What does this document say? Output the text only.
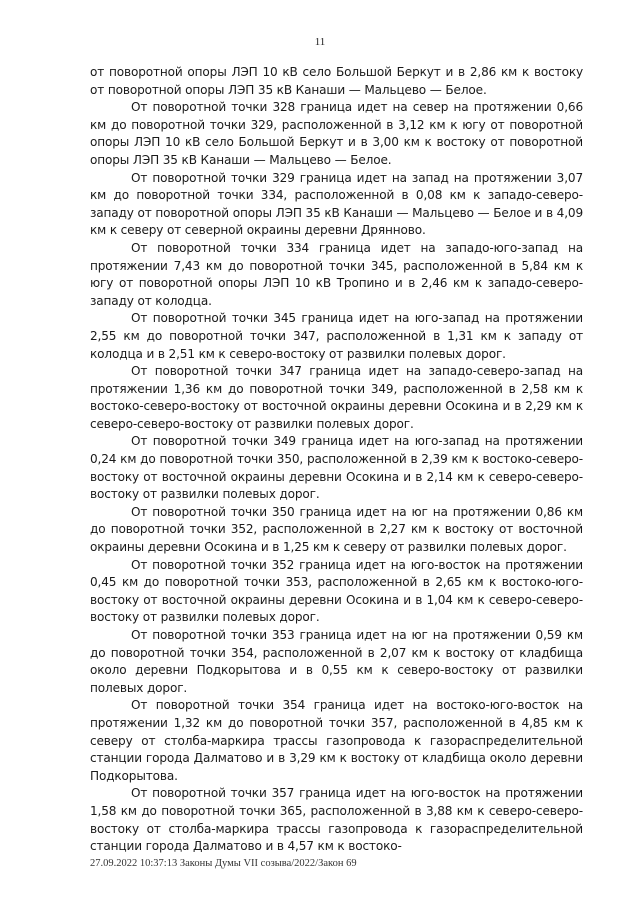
11

от поворотной опоры ЛЭП 10 кВ село Большой Беркут и в 2,86 км к востоку от поворотной опоры ЛЭП 35 кВ Канаши — Мальцево — Белое.

От поворотной точки 328 граница идет на север на протяжении 0,66 км до поворотной точки 329, расположенной в 3,12 км к югу от поворотной опоры ЛЭП 10 кВ село Большой Беркут и в 3,00 км к востоку от поворотной опоры ЛЭП 35 кВ Канаши — Мальцево — Белое.

От поворотной точки 329 граница идет на запад на протяжении 3,07 км до поворотной точки 334, расположенной в 0,08 км к западо-северо-западу от поворотной опоры ЛЭП 35 кВ Канаши — Мальцево — Белое и в 4,09 км к северу от северной окраины деревни Дрянново.

От поворотной точки 334 граница идет на западо-юго-запад на протяжении 7,43 км до поворотной точки 345, расположенной в 5,84 км к югу от поворотной опоры ЛЭП 10 кВ Тропино и в 2,46 км к западо-северо-западу от колодца.

От поворотной точки 345 граница идет на юго-запад на протяжении 2,55 км до поворотной точки 347, расположенной в 1,31 км к западу от колодца и в 2,51 км к северо-востоку от развилки полевых дорог.

От поворотной точки 347 граница идет на западо-северо-запад на протяжении 1,36 км до поворотной точки 349, расположенной в 2,58 км к востоко-северо-востоку от восточной окраины деревни Осокина и в 2,29 км к северо-северо-востоку от развилки полевых дорог.

От поворотной точки 349 граница идет на юго-запад на протяжении 0,24 км до поворотной точки 350, расположенной в 2,39 км к востоко-северо-востоку от восточной окраины деревни Осокина и в 2,14 км к северо-северо-востоку от развилки полевых дорог.

От поворотной точки 350 граница идет на юг на протяжении 0,86 км до поворотной точки 352, расположенной в 2,27 км к востоку от восточной окраины деревни Осокина и в 1,25 км к северу от развилки полевых дорог.

От поворотной точки 352 граница идет на юго-восток на протяжении 0,45 км до поворотной точки 353, расположенной в 2,65 км к востоко-юго-востоку от восточной окраины деревни Осокина и в 1,04 км к северо-северо-востоку от развилки полевых дорог.

От поворотной точки 353 граница идет на юг на протяжении 0,59 км до поворотной точки 354, расположенной в 2,07 км к востоку от кладбища около деревни Подкорытова и в 0,55 км к северо-востоку от развилки полевых дорог.

От поворотной точки 354 граница идет на востоко-юго-восток на протяжении 1,32 км до поворотной точки 357, расположенной в 4,85 км к северу от столба-маркира трассы газопровода к газораспределительной станции города Далматово и в 3,29 км к востоку от кладбища около деревни Подкорытова.

От поворотной точки 357 граница идет на юго-восток на протяжении 1,58 км до поворотной точки 365, расположенной в 3,88 км к северо-северо-востоку от столба-маркира трассы газопровода к газораспределительной станции города Далматово и в 4,57 км к востоко-

27.09.2022 10:37:13 Законы Думы VII созыва/2022/Закон 69
